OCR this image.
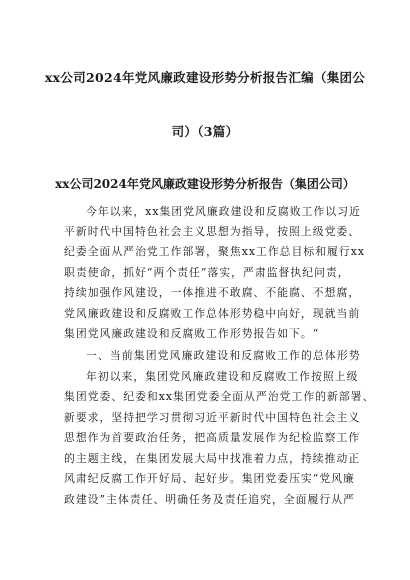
xx公司2024年党风廉政建设形势分析报告汇编（集团公
司）（3篇）
xx公司2024年党风廉政建设形势分析报告（集团公司）
今年以来，xx集团党风廉政建设和反腐败工作以习近
平新时代中国特色社会主义思想为指导，按照上级党委、
纪委全面从严治党工作部署，聚焦xx工作总目标和履行xx
职责使命，抓好“两个责任”落实，严肃监督执纪问责，
持续加强作风建设，一体推进不敢腐、不能腐、不想腐，
党风廉政建设和反腐败工作总体形势稳中向好，现就当前
集团党风廉政建设和反腐败工作形势报告如下。“
一、当前集团党风廉政建设和反腐败工作的总体形势
年初以来，集团党风廉政建设和反腐败工作按照上级
集团党委、纪委和xx集团党委全面从严治党工作的新部署、
新要求，坚持把学习贯彻习近平新时代中国特色社会主义
思想作为首要政治任务，把高质量发展作为纪检监察工作
的主题主线，在集团发展大局中找准着力点，持续推动正
风肃纪反腐工作开好局、起好步。集团党委压实“党风廉
政建设”主体责任、明确任务及责任追究，全面履行从严
